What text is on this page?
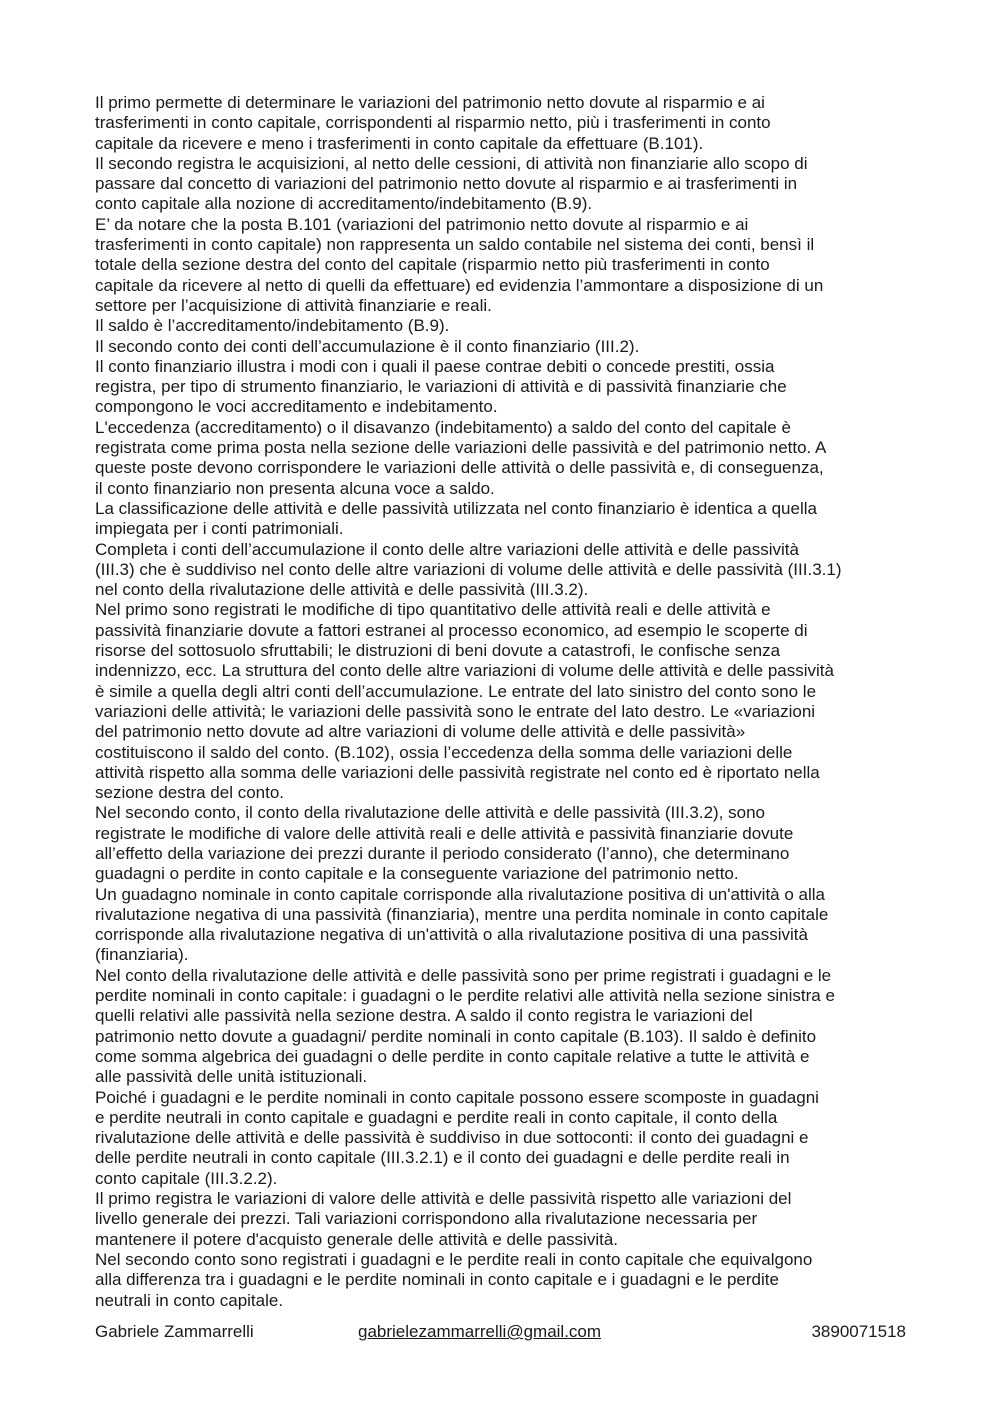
Il primo permette di determinare le variazioni del patrimonio netto dovute al risparmio e ai
trasferimenti in conto capitale, corrispondenti al risparmio netto, più i trasferimenti in conto
capitale da ricevere e meno i trasferimenti in conto capitale da effettuare (B.101).

Il secondo registra le acquisizioni, al netto delle cessioni, di attività non finanziarie allo scopo di
passare dal concetto di variazioni del patrimonio netto dovute al risparmio e ai trasferimenti in
conto capitale alla nozione di accreditamento/indebitamento (B.9).

E’ da notare che la posta B.101 (variazioni del patrimonio netto dovute al risparmio e ai
trasferimenti in conto capitale) non rappresenta un saldo contabile nel sistema dei conti, bensì il
totale della sezione destra del conto del capitale (risparmio netto più trasferimenti in conto
capitale da ricevere al netto di quelli da effettuare) ed evidenzia l’ammontare a disposizione di un
settore per l’acquisizione di attività finanziarie e reali.

Il saldo è l’accreditamento/indebitamento (B.9).

Il secondo conto dei conti dell’accumulazione è il conto finanziario (III.2).

Il conto finanziario illustra i modi con i quali il paese contrae debiti o concede prestiti, ossia
registra, per tipo di strumento finanziario, le variazioni di attività e di passività finanziarie che
compongono le voci accreditamento e indebitamento.

L'eccedenza (accreditamento) o il disavanzo (indebitamento) a saldo del conto del capitale è
registrata come prima posta nella sezione delle variazioni delle passività e del patrimonio netto. A
queste poste devono corrispondere le variazioni delle attività o delle passività e, di conseguenza,
il conto finanziario non presenta alcuna voce a saldo.

La classificazione delle attività e delle passività utilizzata nel conto finanziario è identica a quella
impiegata per i conti patrimoniali.

Completa i conti dell’accumulazione il conto delle altre variazioni delle attività e delle passività
(III.3) che è suddiviso nel conto delle altre variazioni di volume delle attività e delle passività (III.3.1)
nel conto della rivalutazione delle attività e delle passività (III.3.2).

Nel primo sono registrati le modifiche di tipo quantitativo delle attività reali e delle attività e
passività finanziarie dovute a fattori estranei al processo economico, ad esempio le scoperte di
risorse del sottosuolo sfruttabili; le distruzioni di beni dovute a catastrofi, le confische senza
indennizzo, ecc. La struttura del conto delle altre variazioni di volume delle attività e delle passività
è simile a quella degli altri conti dell’accumulazione. Le entrate del lato sinistro del conto sono le
variazioni delle attività; le variazioni delle passività sono le entrate del lato destro. Le «variazioni
del patrimonio netto dovute ad altre variazioni di volume delle attività e delle passività»
costituiscono il saldo del conto. (B.102), ossia l’eccedenza della somma delle variazioni delle
attività rispetto alla somma delle variazioni delle passività registrate nel conto ed è riportato nella
sezione destra del conto.

Nel secondo conto, il conto della rivalutazione delle attività e delle passività (III.3.2), sono
registrate le modifiche di valore delle attività reali e delle attività e passività finanziarie dovute
all’effetto della variazione dei prezzi durante il periodo considerato (l’anno), che determinano
guadagni o perdite in conto capitale e la conseguente variazione del patrimonio netto.

Un guadagno nominale in conto capitale corrisponde alla rivalutazione positiva di un'attività o alla
rivalutazione negativa di una passività (finanziaria), mentre una perdita nominale in conto capitale
corrisponde alla rivalutazione negativa di un'attività o alla rivalutazione positiva di una passività
(finanziaria).

Nel conto della rivalutazione delle attività e delle passività sono per prime registrati i guadagni e le
perdite nominali in conto capitale: i guadagni o le perdite relativi alle attività nella sezione sinistra e
quelli relativi alle passività nella sezione destra. A saldo il conto registra le variazioni del
patrimonio netto dovute a guadagni/ perdite nominali in conto capitale (B.103). Il saldo è definito
come somma algebrica dei guadagni o delle perdite in conto capitale relative a tutte le attività e
alle passività delle unità istituzionali.

Poiché i guadagni e le perdite nominali in conto capitale possono essere scomposte in guadagni
e perdite neutrali in conto capitale e guadagni e perdite reali in conto capitale, il conto della
rivalutazione delle attività e delle passività è suddiviso in due sottoconti: il conto dei guadagni e
delle perdite neutrali in conto capitale (III.3.2.1) e il conto dei guadagni e delle perdite reali in
conto capitale (III.3.2.2).

Il primo registra le variazioni di valore delle attività e delle passività rispetto alle variazioni del
livello generale dei prezzi. Tali variazioni corrispondono alla rivalutazione necessaria per
mantenere il potere d'acquisto generale delle attività e delle passività.

Nel secondo conto sono registrati i guadagni e le perdite reali in conto capitale che equivalgono
alla differenza tra i guadagni e le perdite nominali in conto capitale e i guadagni e le perdite
neutrali in conto capitale.

Gabriele Zammarrelli	gabrielezammarrelli@gmail.com	3890071518
